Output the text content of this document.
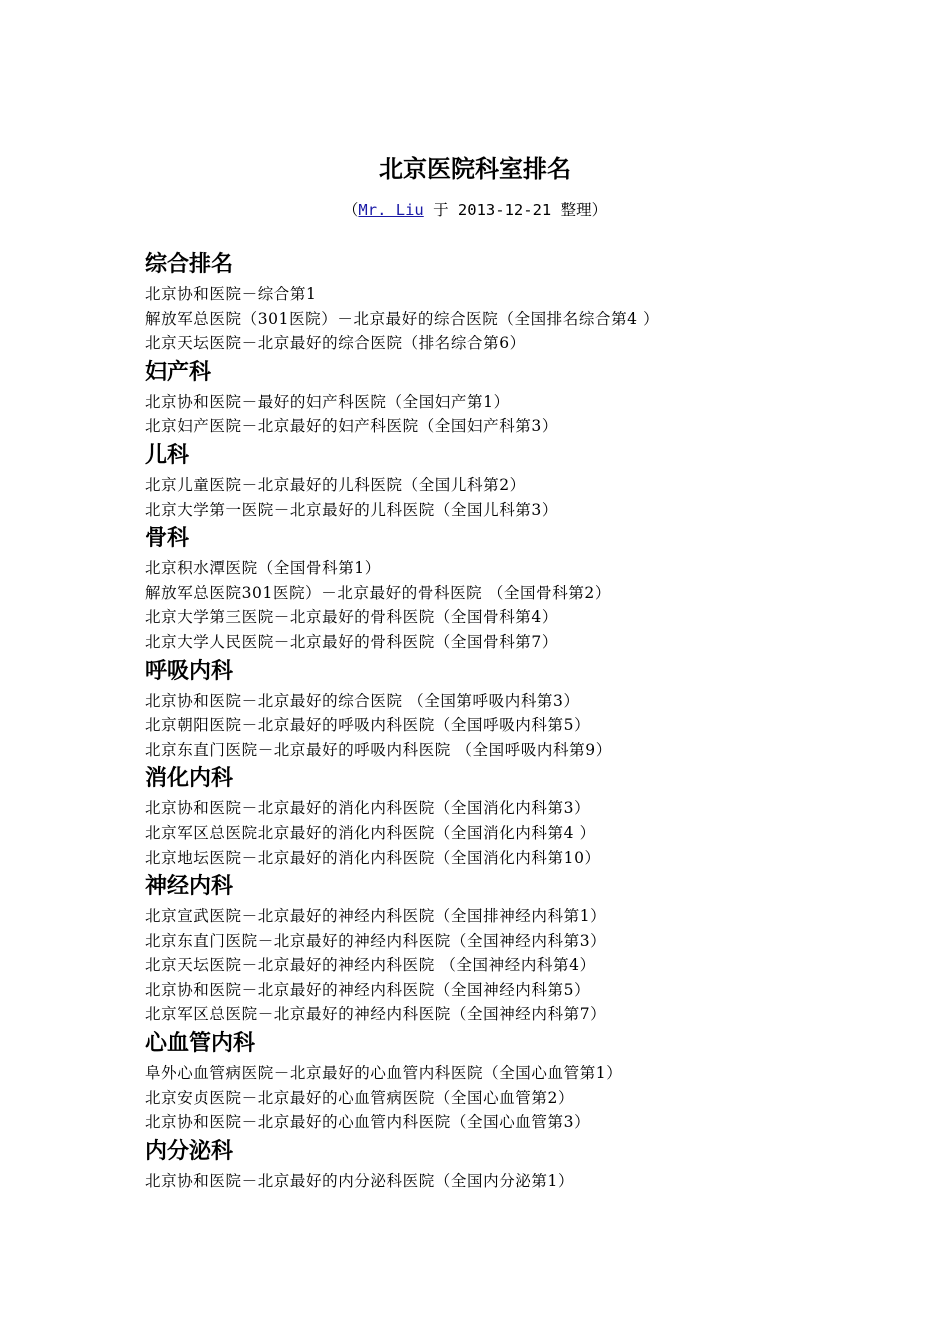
北京医院科室排名
（Mr. Liu 于 2013-12-21 整理）
综合排名
北京协和医院－综合第1
解放军总医院（301医院）－北京最好的综合医院（全国排名综合第4 ）
北京天坛医院－北京最好的综合医院（排名综合第6）
妇产科
北京协和医院－最好的妇产科医院（全国妇产第1）
北京妇产医院－北京最好的妇产科医院（全国妇产科第3）
儿科
北京儿童医院－北京最好的儿科医院（全国儿科第2）
北京大学第一医院－北京最好的儿科医院（全国儿科第3）
骨科
北京积水潭医院（全国骨科第1）
解放军总医院301医院）－北京最好的骨科医院 （全国骨科第2）
北京大学第三医院－北京最好的骨科医院（全国骨科第4）
北京大学人民医院－北京最好的骨科医院（全国骨科第7）
呼吸内科
北京协和医院－北京最好的综合医院 （全国第呼吸内科第3）
北京朝阳医院－北京最好的呼吸内科医院（全国呼吸内科第5）
北京东直门医院－北京最好的呼吸内科医院 （全国呼吸内科第9）
消化内科
北京协和医院－北京最好的消化内科医院（全国消化内科第3）
北京军区总医院北京最好的消化内科医院（全国消化内科第4 ）
北京地坛医院－北京最好的消化内科医院（全国消化内科第10）
神经内科
北京宣武医院－北京最好的神经内科医院（全国排神经内科第1）
北京东直门医院－北京最好的神经内科医院（全国神经内科第3）
北京天坛医院－北京最好的神经内科医院 （全国神经内科第4）
北京协和医院－北京最好的神经内科医院（全国神经内科第5）
北京军区总医院－北京最好的神经内科医院（全国神经内科第7）
心血管内科
阜外心血管病医院－北京最好的心血管内科医院（全国心血管第1）
北京安贞医院－北京最好的心血管病医院（全国心血管第2）
北京协和医院－北京最好的心血管内科医院（全国心血管第3）
内分泌科
北京协和医院－北京最好的内分泌科医院（全国内分泌第1）
